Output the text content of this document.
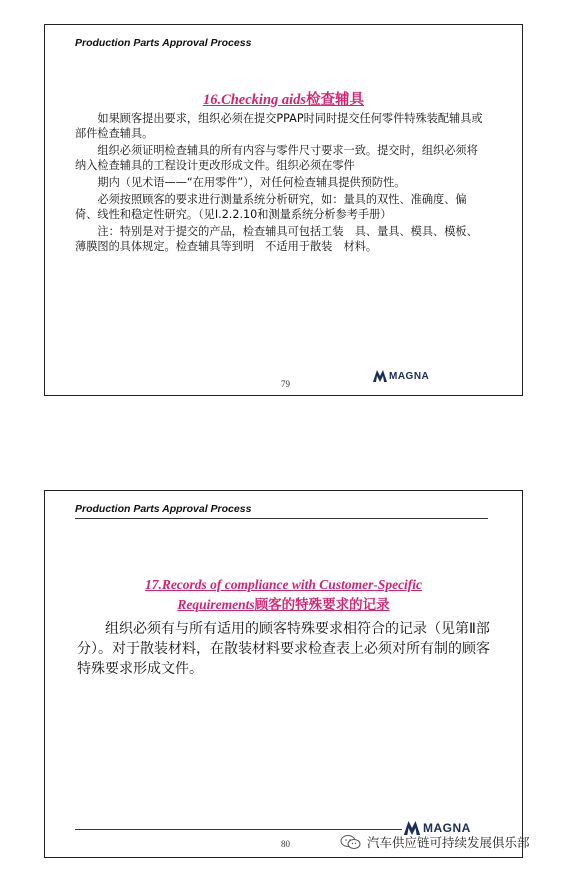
Production Parts Approval Process
16.Checking aids检查辅具

如果顾客提出要求，组织必须在提交PPAP时同时提交任何零件特殊装配辅具或部件检查辅具。

组织必须证明检查辅具的所有内容与零件尺寸要求一致。提交时，组织必须将纳入检查辅具的工程设计更改形成文件。组织必须在零件

期内（见术语——“在用零件”），对任何检查辅具提供预防性。

必须按照顾客的要求进行测量系统分析研究，如：量具的双性、准确度、偏倚、线性和稳定性研究。（见Ⅰ.2.2.10和测量系统分析参考手册）

注：特别是对于提交的产品，检查辅具可包括工装　具、量具、模具、模板、薄膜图的具体规定。检查辅具等到明　不适用于散装　材料。

MAGNA
79
Production Parts Approval Process
17.Records of compliance with Customer-Specific
Requirements顾客的特殊要求的记录

组织必须有与所有适用的顾客特殊要求相符合的记录（见第Ⅱ部分）。对于散装材料，在散装材料要求检查表上必须对所有制的顾客特殊要求形成文件。

MAGNA
80	汽车供应链可持续发展俱乐部
